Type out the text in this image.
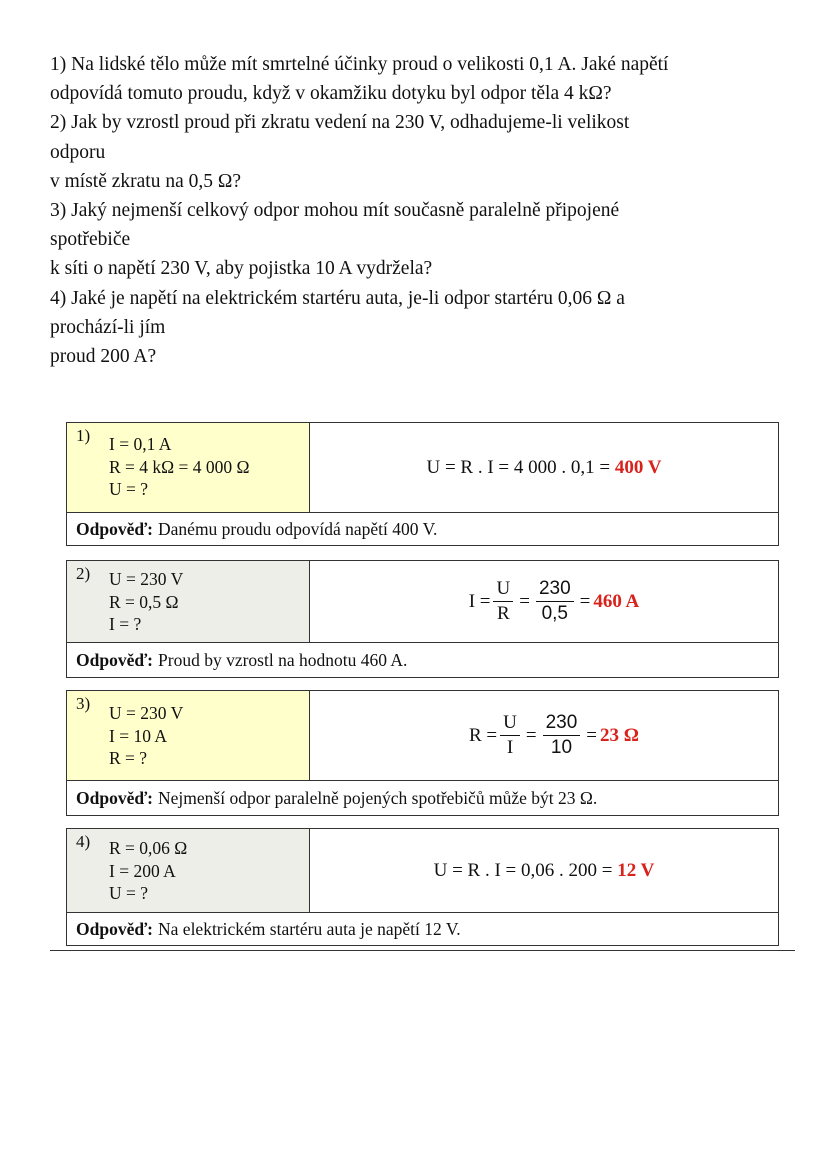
1) Na lidské tělo může mít smrtelné účinky proud o velikosti 0,1 A. Jaké napětí
odpovídá tomuto proudu, když v okamžiku dotyku byl odpor těla 4 kΩ?
2) Jak by vzrostl proud při zkratu vedení na 230 V, odhadujeme-li velikost
odporu
v místě zkratu na 0,5 Ω?
3) Jaký nejmenší celkový odpor mohou mít současně paralelně připojené
spotřebiče
k síti o napětí 230 V, aby pojistka 10 A vydržela?
4) Jaké je napětí na elektrickém startéru auta, je-li odpor startéru 0,06 Ω a
prochází-li jím
proud 200 A?
1) I = 0,1 A
R = 4 kΩ = 4 000 Ω
U = ?
U = R . I = 4 000 . 0,1 = 400 V
Odpověď: Danému proudu odpovídá napětí 400 V.
2) U = 230 V
R = 0,5 Ω
I = ?
$I = \frac{U}{R} = \frac{230}{0,5} = 460$ A
Odpověď: Proud by vzrostl na hodnotu 460 A.
3) U = 230 V
I = 10 A
R = ?
$R = \frac{U}{I} = \frac{230}{10} = 23$ Ω
Odpověď: Nejmenší odpor paralelně pojených spotřebičů může být 23 Ω.
4) R = 0,06 Ω
I = 200 A
U = ?
U = R . I = 0,06 . 200 = 12 V
Odpověď: Na elektrickém startéru auta je napětí 12 V.
